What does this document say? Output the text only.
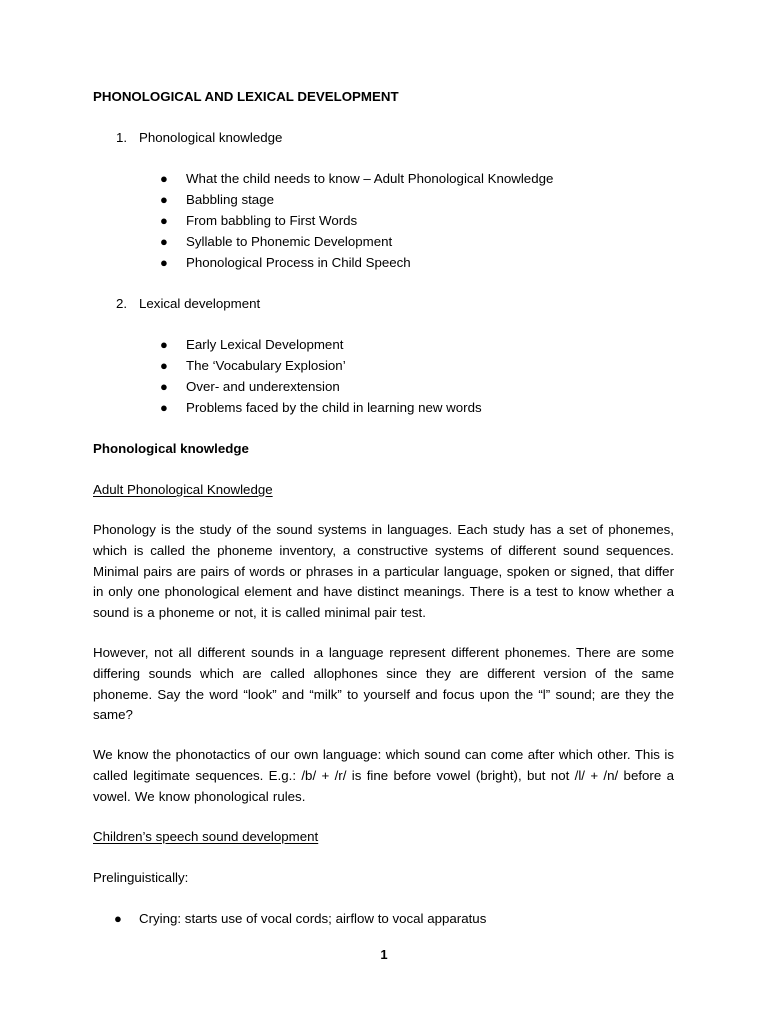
PHONOLOGICAL AND LEXICAL DEVELOPMENT
1. Phonological knowledge
● What the child needs to know – Adult Phonological Knowledge
● Babbling stage
● From babbling to First Words
● Syllable to Phonemic Development
● Phonological Process in Child Speech
2. Lexical development
● Early Lexical Development
● The ‘Vocabulary Explosion’
● Over- and underextension
● Problems faced by the child in learning new words
Phonological knowledge
Adult Phonological Knowledge
Phonology is the study of the sound systems in languages. Each study has a set of phonemes, which is called the phoneme inventory, a constructive systems of different sound sequences. Minimal pairs are pairs of words or phrases in a particular language, spoken or signed, that differ in only one phonological element and have distinct meanings. There is a test to know whether a sound is a phoneme or not, it is called minimal pair test.
However, not all different sounds in a language represent different phonemes. There are some differing sounds which are called allophones since they are different version of the same phoneme. Say the word “look” and “milk” to yourself and focus upon the “l” sound; are they the same?
We know the phonotactics of our own language: which sound can come after which other. This is called legitimate sequences. E.g.: /b/ + /r/ is fine before vowel (bright), but not /l/ + /n/ before a vowel. We know phonological rules.
Children’s speech sound development
Prelinguistically:
● Crying: starts use of vocal cords; airflow to vocal apparatus
1
